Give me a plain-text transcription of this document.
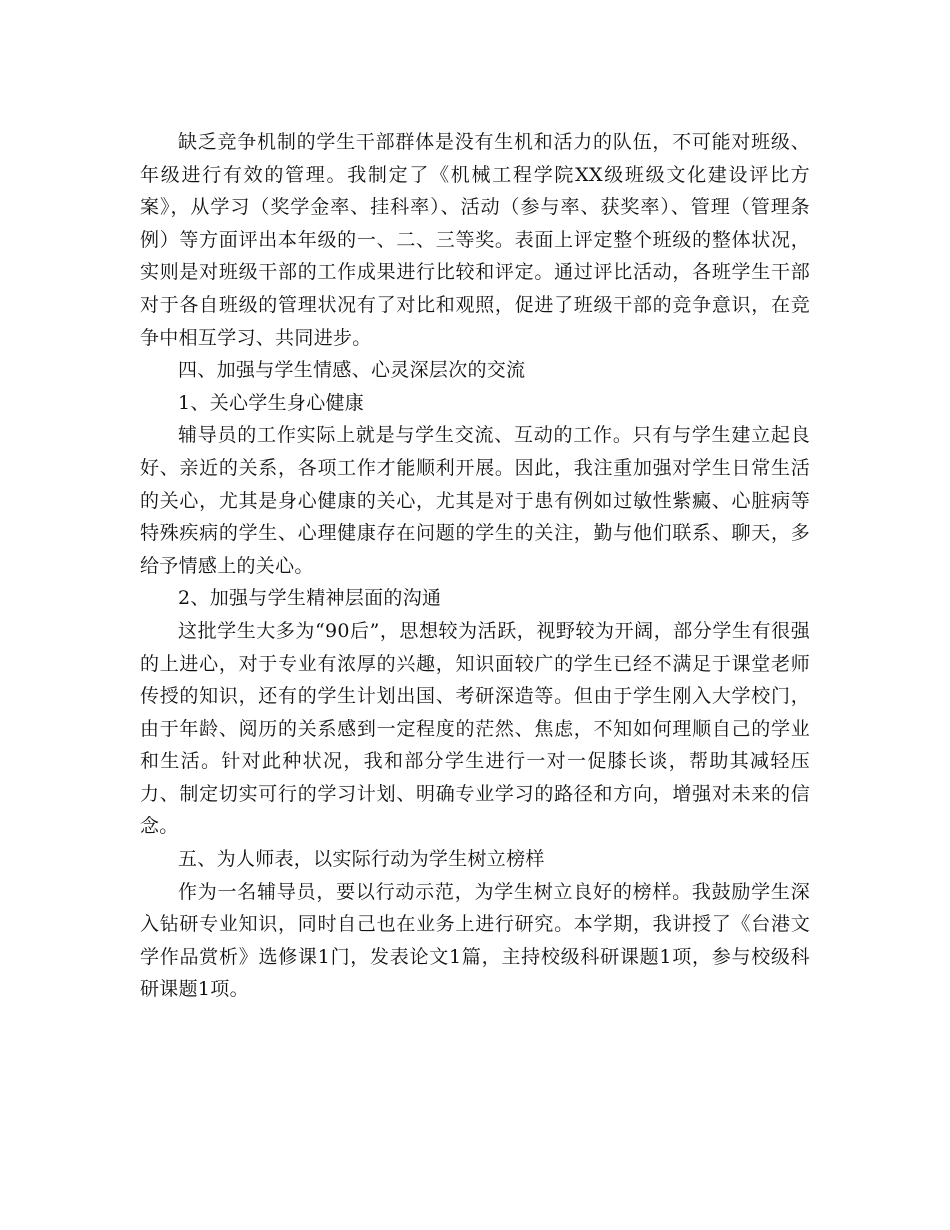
缺乏竞争机制的学生干部群体是没有生机和活力的队伍，不可能对班级、年级进行有效的管理。我制定了《机械工程学院XX级班级文化建设评比方案》，从学习（奖学金率、挂科率）、活动（参与率、获奖率）、管理（管理条例）等方面评出本年级的一、二、三等奖。表面上评定整个班级的整体状况，实则是对班级干部的工作成果进行比较和评定。通过评比活动，各班学生干部对于各自班级的管理状况有了对比和观照，促进了班级干部的竞争意识，在竞争中相互学习、共同进步。

四、加强与学生情感、心灵深层次的交流

1、关心学生身心健康

辅导员的工作实际上就是与学生交流、互动的工作。只有与学生建立起良好、亲近的关系，各项工作才能顺利开展。因此，我注重加强对学生日常生活的关心，尤其是身心健康的关心，尤其是对于患有例如过敏性紫癜、心脏病等特殊疾病的学生、心理健康存在问题的学生的关注，勤与他们联系、聊天，多给予情感上的关心。

2、加强与学生精神层面的沟通

这批学生大多为“90后”，思想较为活跃，视野较为开阔，部分学生有很强的上进心，对于专业有浓厚的兴趣，知识面较广的学生已经不满足于课堂老师传授的知识，还有的学生计划出国、考研深造等。但由于学生刚入大学校门，由于年龄、阅历的关系感到一定程度的茫然、焦虑，不知如何理顺自己的学业和生活。针对此种状况，我和部分学生进行一对一促膝长谈，帮助其减轻压力、制定切实可行的学习计划、明确专业学习的路径和方向，增强对未来的信念。

五、为人师表，以实际行动为学生树立榜样

作为一名辅导员，要以行动示范，为学生树立良好的榜样。我鼓励学生深入钻研专业知识，同时自己也在业务上进行研究。本学期，我讲授了《台港文学作品赏析》选修课1门，发表论文1篇，主持校级科研课题1项，参与校级科研课题1项。
